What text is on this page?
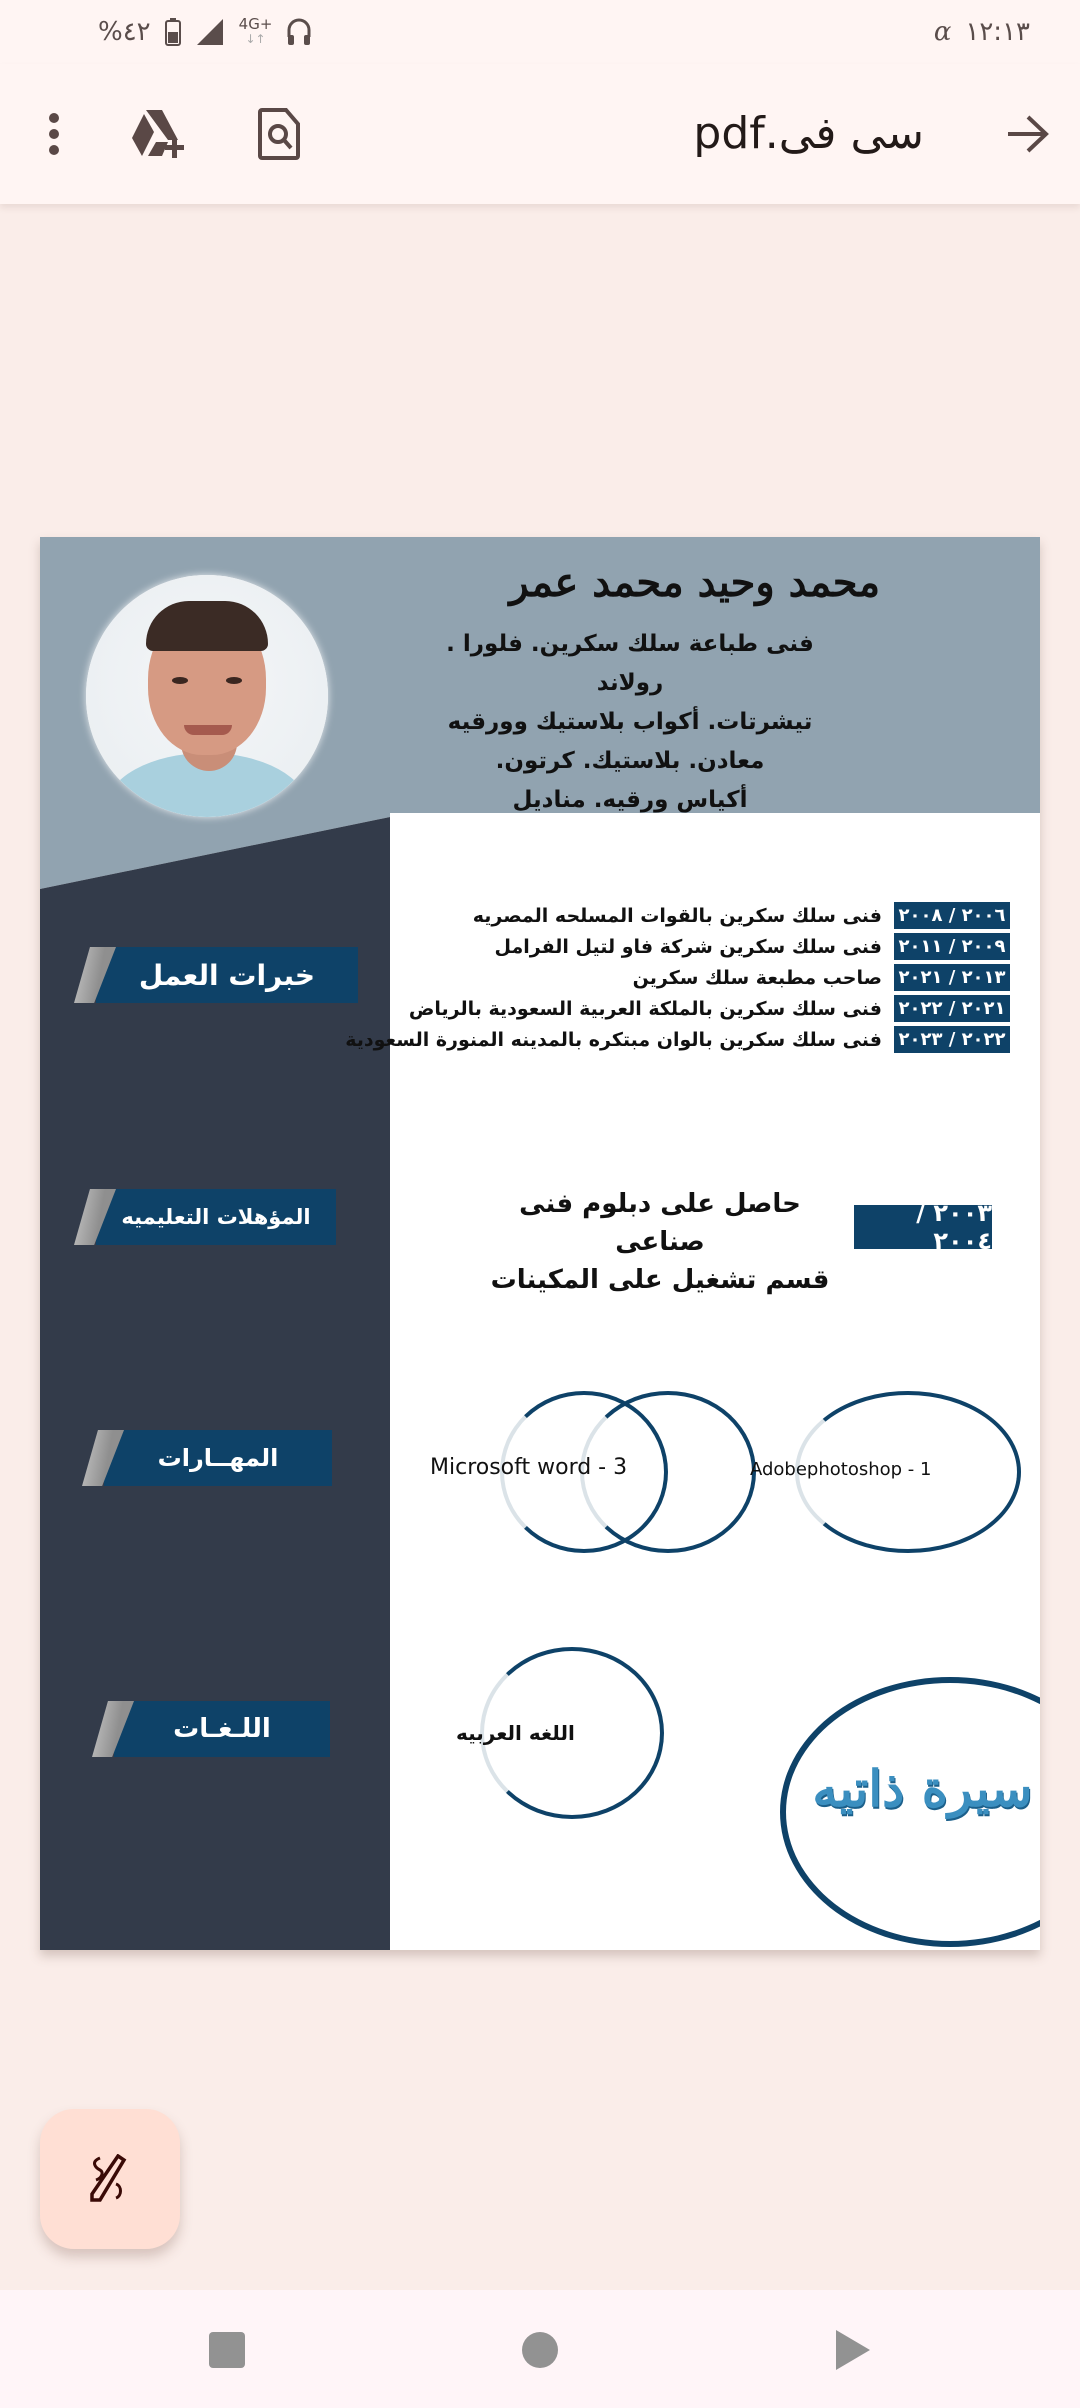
%٤٢	4G+
↓↑	ɑ ١٢:١٣
سى فى.pdf
محمد وحيد محمد عمر
فنى طباعة سلك سكرين. فلورا . رولاند
تيشرتات. أكواب بلاستيك وورقيه
معادن. بلاستيك. كرتون.
أكياس ورقيه. مناديل
خبرات العمل
المؤهلات التعليميه
المهــارات
اللـغـات
٢٠٠٦ / ٢٠٠٨
فنى سلك سكرين بالقوات المسلحه المصريه
٢٠٠٩ / ٢٠١١
فنى سلك سكرين شركة فاو لتيل الفرامل
٢٠١٣ / ٢٠٢١
صاحب مطبعة سلك سكرين
٢٠٢١ / ٢٠٢٢
فنى سلك سكرين بالملكة العربية السعودية بالرياض
٢٠٢٢ / ٢٠٢٣
فنى سلك سكرين بالوان مبتكره بالمدينه المنورة السعودية
٢٠٠٣ / ٢٠٠٤
حاصل على دبلوم فنى صناعى
قسم تشغيل على المكينات
Adobephotoshop - 1
Microsoft word - 3
اللغه العربيه
سيرة ذاتيه
